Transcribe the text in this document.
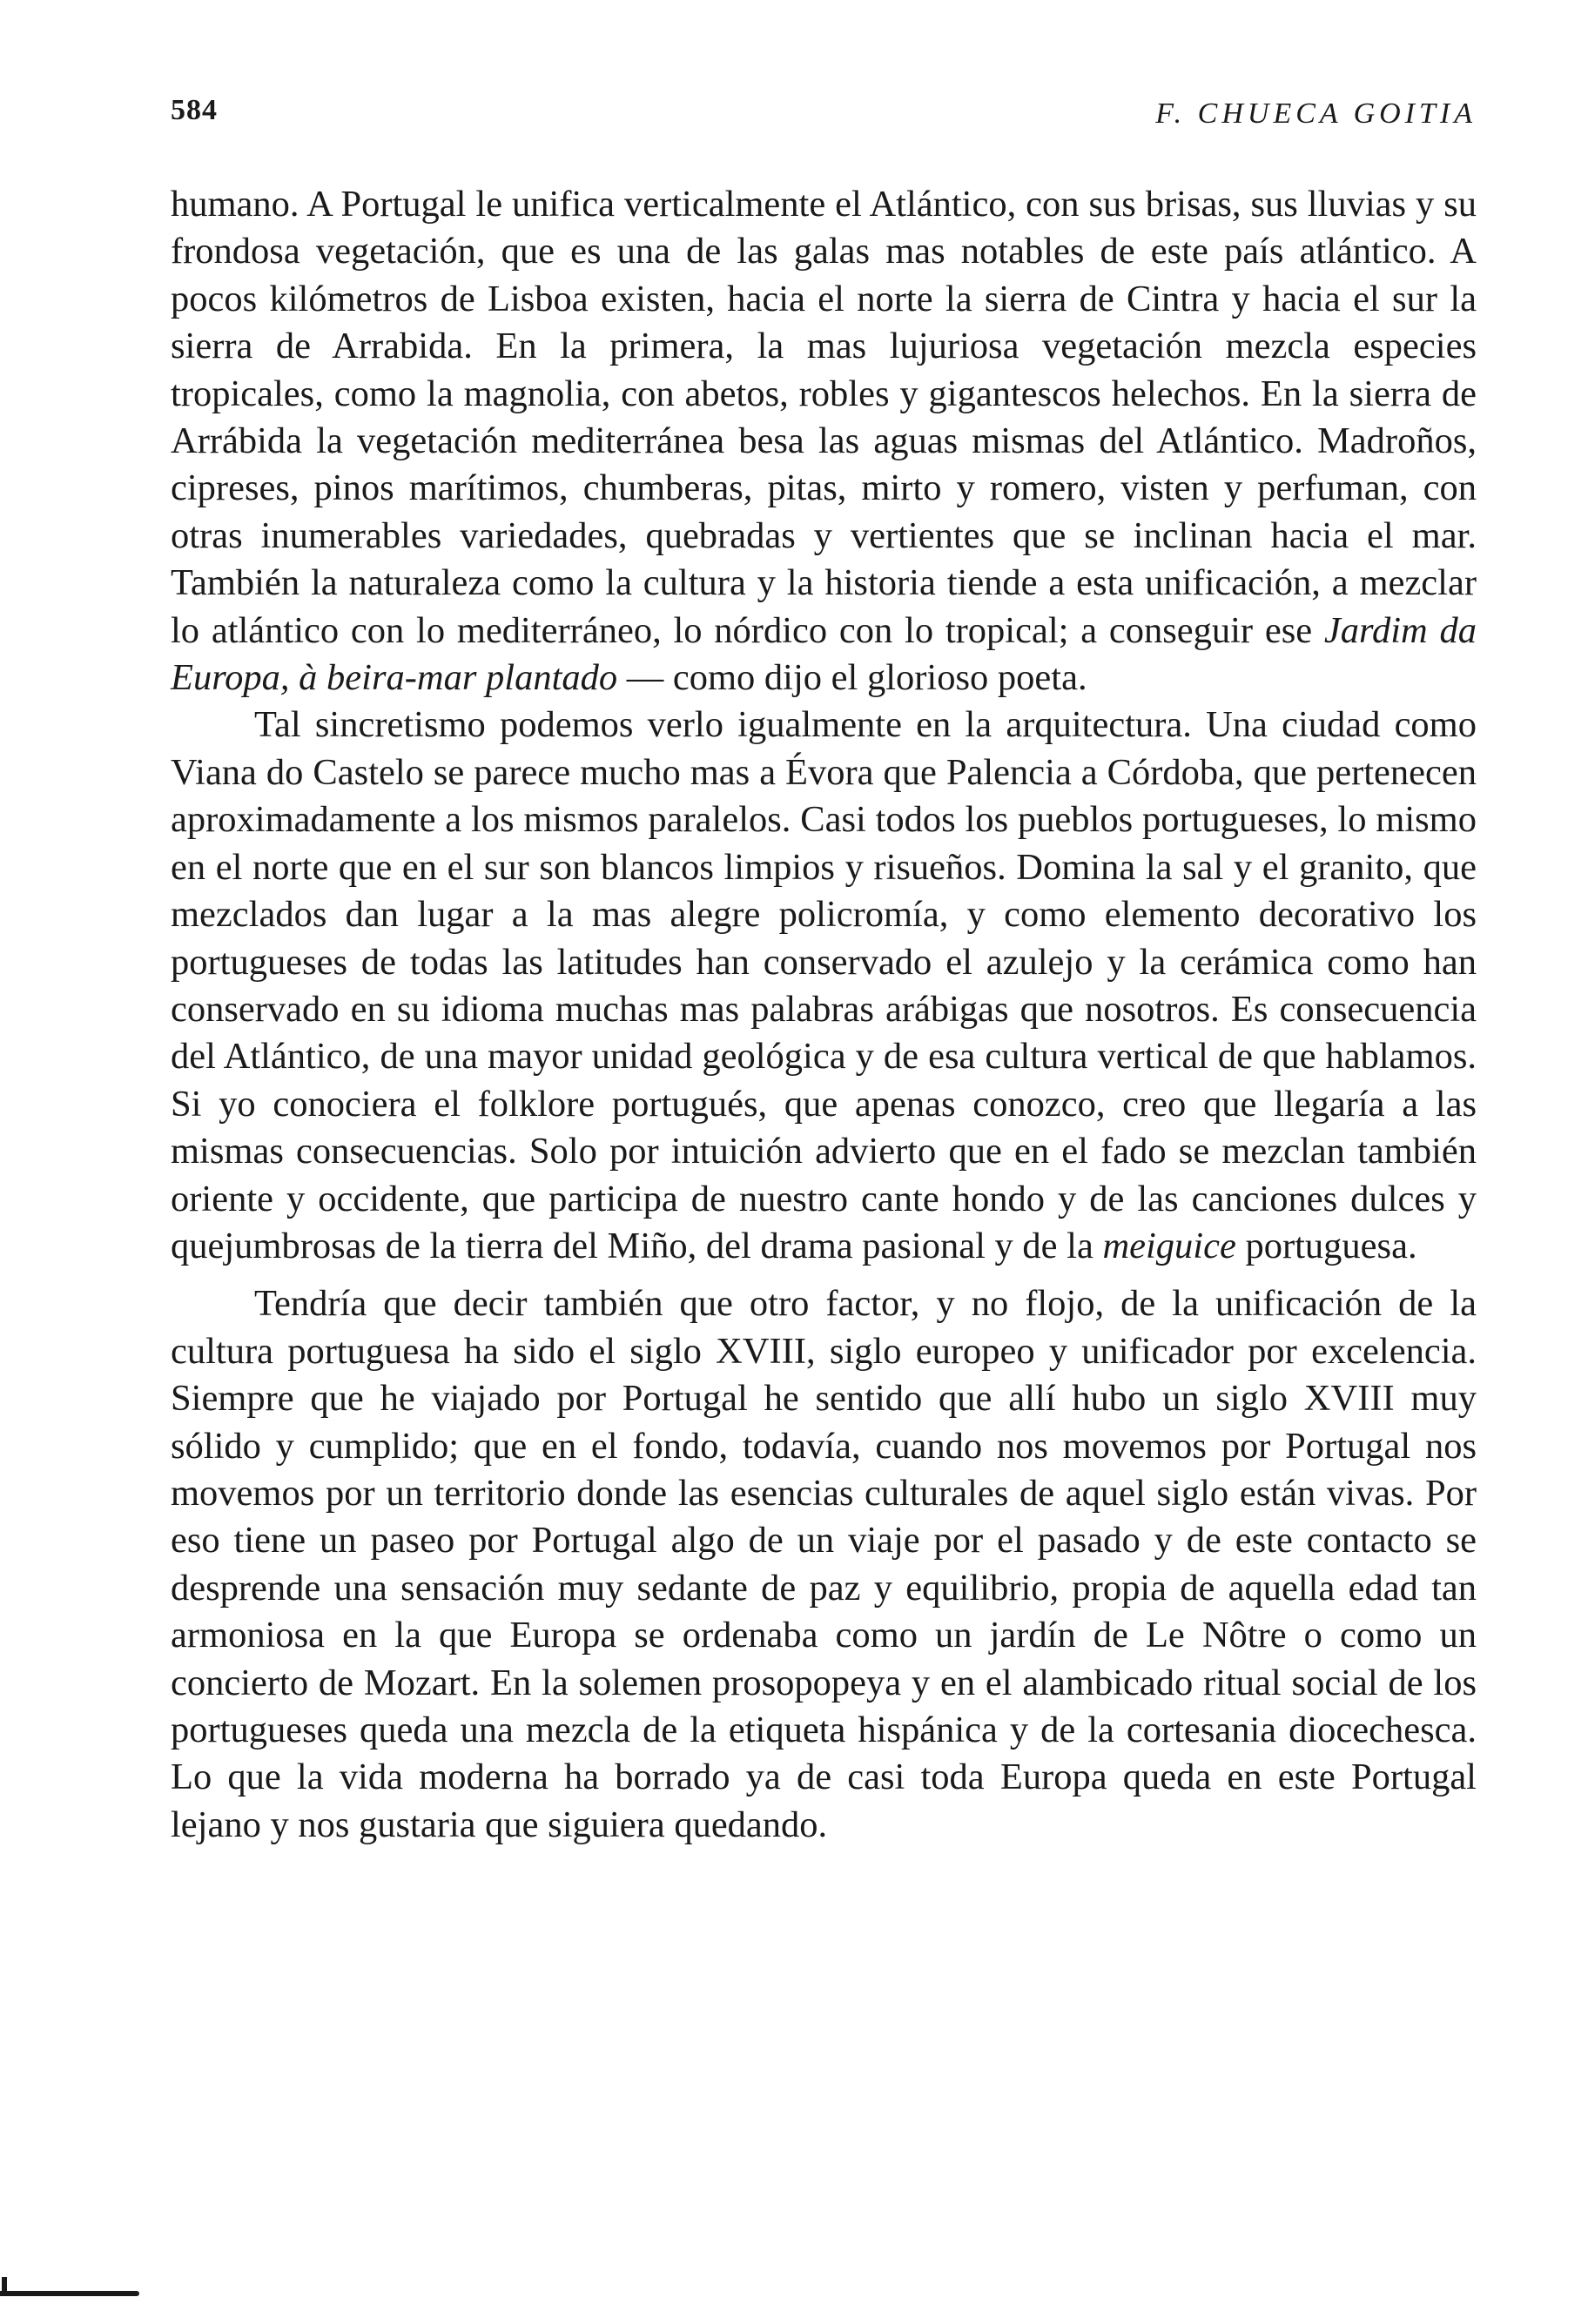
584	F. CHUECA GOITIA

humano. A Portugal le unifica verticalmente el Atlántico, con sus brisas, sus lluvias y su frondosa vegetación, que es una de las galas mas notables de este país atlántico. A pocos kilómetros de Lisboa existen, hacia el norte la sierra de Cintra y hacia el sur la sierra de Arrabida. En la primera, la mas lujuriosa vegetación mezcla especies tropicales, como la magnolia, con abetos, robles y gigantescos helechos. En la sierra de Arrábida la vegetación mediterránea besa las aguas mismas del Atlántico. Madroños, cipreses, pinos marítimos, chumberas, pitas, mirto y romero, visten y perfuman, con otras inumerables variedades, quebradas y vertientes que se inclinan hacia el mar. También la naturaleza como la cultura y la historia tiende a esta unificación, a mezclar lo atlántico con lo mediterráneo, lo nórdico con lo tropical; a conseguir ese Jardim da Europa, à beira-mar plantado — como dijo el glorioso poeta.

Tal sincretismo podemos verlo igualmente en la arquitectura. Una ciudad como Viana do Castelo se parece mucho mas a Évora que Palencia a Córdoba, que pertenecen aproximadamente a los mismos paralelos. Casi todos los pueblos portugueses, lo mismo en el norte que en el sur son blancos limpios y risueños. Domina la sal y el granito, que mezclados dan lugar a la mas alegre policromía, y como elemento decorativo los portugueses de todas las latitudes han conservado el azulejo y la cerámica como han conservado en su idioma muchas mas palabras arábigas que nosotros. Es consecuencia del Atlántico, de una mayor unidad geológica y de esa cultura vertical de que hablamos. Si yo conociera el folklore portugués, que apenas conozco, creo que llegaría a las mismas consecuencias. Solo por intuición advierto que en el fado se mezclan también oriente y occidente, que participa de nuestro cante hondo y de las canciones dulces y quejumbrosas de la tierra del Miño, del drama pasional y de la meiguice portuguesa.

Tendría que decir también que otro factor, y no flojo, de la unificación de la cultura portuguesa ha sido el siglo XVIII, siglo europeo y unificador por excelencia. Siempre que he viajado por Portugal he sentido que allí hubo un siglo XVIII muy sólido y cumplido; que en el fondo, todavía, cuando nos movemos por Portugal nos movemos por un territorio donde las esencias culturales de aquel siglo están vivas. Por eso tiene un paseo por Portugal algo de un viaje por el pasado y de este contacto se desprende una sensación muy sedante de paz y equilibrio, propia de aquella edad tan armoniosa en la que Europa se ordenaba como un jardín de Le Nôtre o como un concierto de Mozart. En la solemen prosopopeya y en el alambicado ritual social de los portugueses queda una mezcla de la etiqueta hispánica y de la cortesania diocechesca. Lo que la vida moderna ha borrado ya de casi toda Europa queda en este Portugal lejano y nos gustaria que siguiera quedando.
